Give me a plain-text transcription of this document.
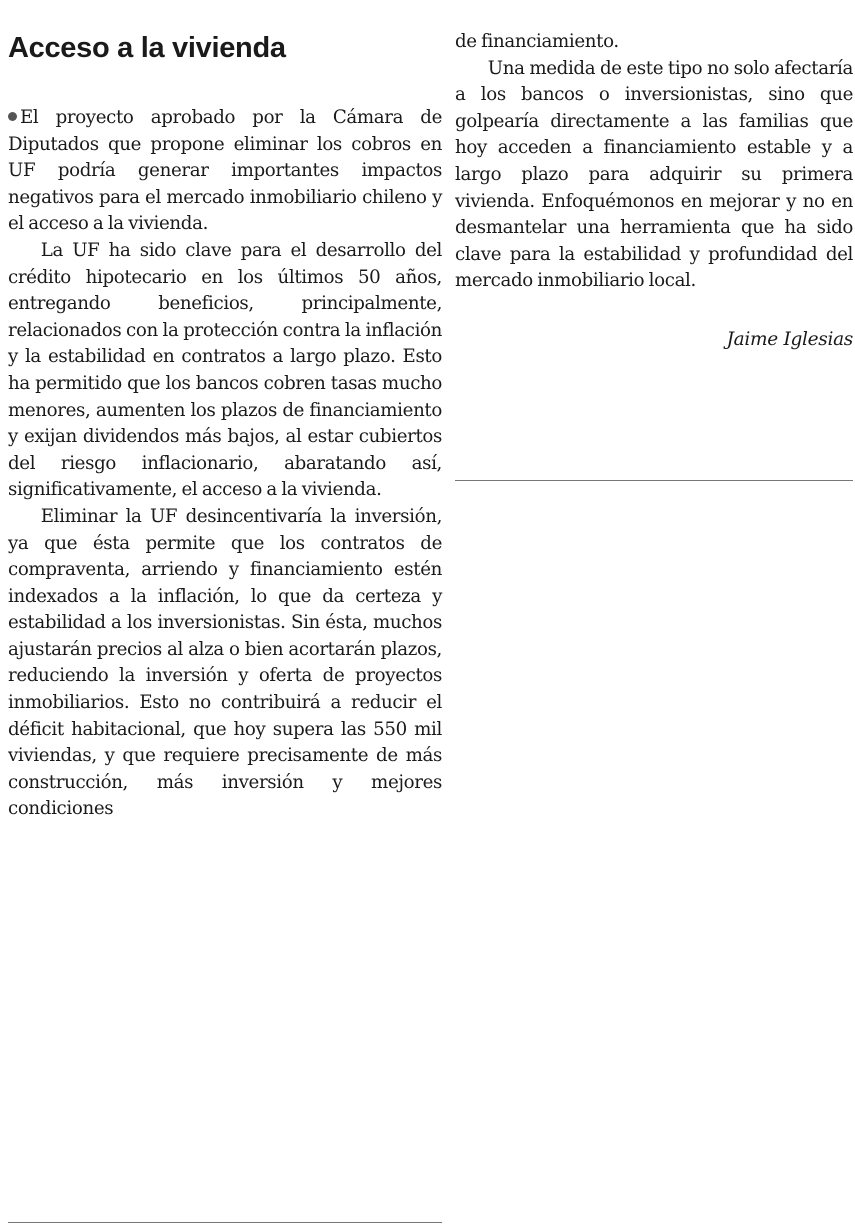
Acceso a la vivienda

El proyecto aprobado por la Cámara de Diputados que propone eliminar los cobros en UF podría generar importantes impactos negativos para el mercado inmobiliario chileno y el acceso a la vivienda.

La UF ha sido clave para el desarrollo del crédito hipotecario en los últimos 50 años, entregando beneficios, principalmente, relacionados con la protección contra la inflación y la estabilidad en contratos a largo plazo. Esto ha permitido que los bancos cobren tasas mucho menores, aumenten los plazos de financiamiento y exijan dividendos más bajos, al estar cubiertos del riesgo inflacionario, abaratando así, significativamente, el acceso a la vivienda.

Eliminar la UF desincentivaría la inversión, ya que ésta permite que los contratos de compraventa, arriendo y financiamiento estén indexados a la inflación, lo que da certeza y estabilidad a los inversionistas. Sin ésta, muchos ajustarán precios al alza o bien acortarán plazos, reduciendo la inversión y oferta de proyectos inmobiliarios. Esto no contribuirá a reducir el déficit habitacional, que hoy supera las 550 mil viviendas, y que requiere precisamente de más construcción, más inversión y mejores condiciones

de financiamiento.

Una medida de este tipo no solo afectaría a los bancos o inversionistas, sino que golpearía directamente a las familias que hoy acceden a financiamiento estable y a largo plazo para adquirir su primera vivienda. Enfoquémonos en mejorar y no en desmantelar una herramienta que ha sido clave para la estabilidad y profundidad del mercado inmobiliario local.

Jaime Iglesias
